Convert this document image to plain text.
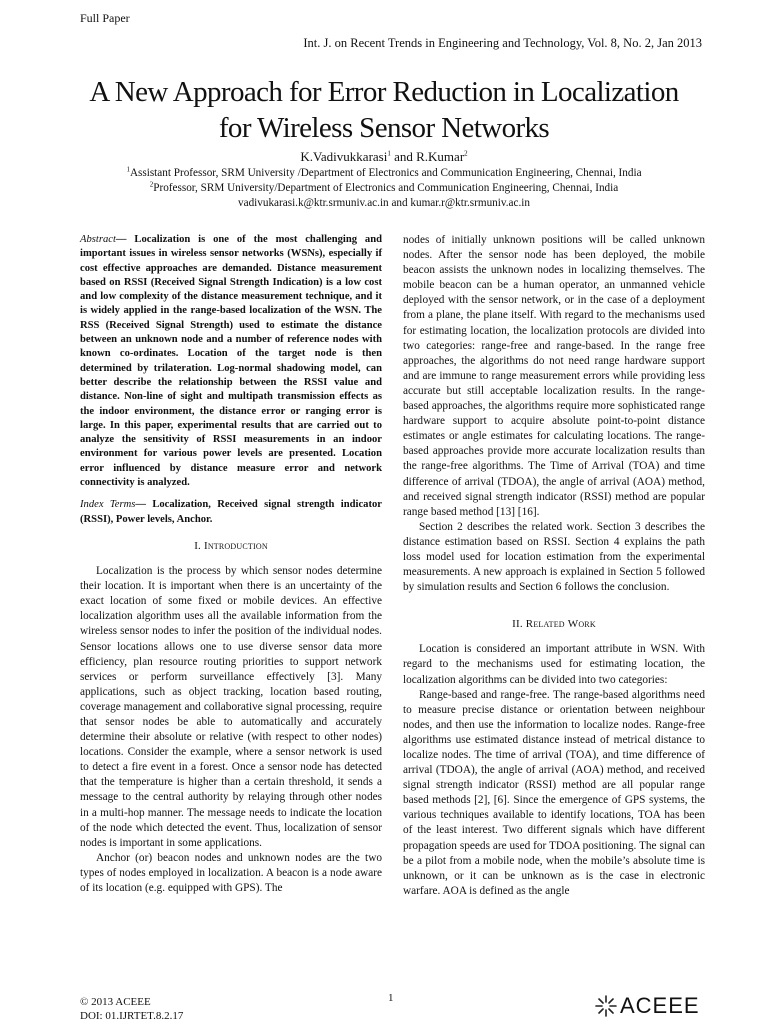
Full Paper
Int. J. on Recent Trends in Engineering and Technology, Vol. 8, No. 2, Jan 2013
A New Approach for Error Reduction in Localization
for Wireless Sensor Networks
K.Vadivukkarasi$^1$ and R.Kumar$^2$
$^1$Assistant Professor, SRM University /Department of Electronics and Communication Engineering, Chennai, India
$^2$Professor, SRM University/Department of Electronics and Communication Engineering, Chennai, India
vadivukarasi.k@ktr.srmuniv.ac.in and kumar.r@ktr.srmuniv.ac.in

Abstract— Localization is one of the most challenging and important issues in wireless sensor networks (WSNs), especially if cost effective approaches are demanded. Distance measurement based on RSSI (Received Signal Strength Indication) is a low cost and low complexity of the distance measurement technique, and it is widely applied in the range-based localization of the WSN. The RSS (Received Signal Strength) used to estimate the distance between an unknown node and a number of reference nodes with known co-ordinates. Location of the target node is then determined by trilateration. Log-normal shadowing model, can better describe the relationship between the RSSI value and distance. Non-line of sight and multipath transmission effects as the indoor environment, the distance error or ranging error is large. In this paper, experimental results that are carried out to analyze the sensitivity of RSSI measurements in an indoor environment for various power levels are presented. Location error influenced by distance measure error and network connectivity is analyzed.

Index Terms— Localization, Received signal strength indicator (RSSI), Power levels, Anchor.

I. Introduction

Localization is the process by which sensor nodes determine their location. It is important when there is an uncertainty of the exact location of some fixed or mobile devices. An effective localization algorithm uses all the available information from the wireless sensor nodes to infer the position of the individual nodes. Sensor locations allows one to use diverse sensor data more efficiency, plan resource routing priorities to support network services or perform surveillance effectively [3]. Many applications, such as object tracking, location based routing, coverage management and collaborative signal processing, require that sensor nodes be able to automatically and accurately determine their absolute or relative (with respect to other nodes) locations. Consider the example, where a sensor network is used to detect a fire event in a forest. Once a sensor node has detected that the temperature is higher than a certain threshold, it sends a message to the central authority by relaying through other nodes in a multi-hop manner. The message needs to indicate the location of the node which detected the event. Thus, localization of sensor nodes is important in some applications.

Anchor (or) beacon nodes and unknown nodes are the two types of nodes employed in localization. A beacon is a node aware of its location (e.g. equipped with GPS). The

nodes of initially unknown positions will be called unknown nodes. After the sensor node has been deployed, the mobile beacon assists the unknown nodes in localizing themselves. The mobile beacon can be a human operator, an unmanned vehicle deployed with the sensor network, or in the case of a deployment from a plane, the plane itself. With regard to the mechanisms used for estimating location, the localization protocols are divided into two categories: range-free and range-based. In the range free approaches, the algorithms do not need range hardware support and are immune to range measurement errors while providing less accurate but still acceptable localization results. In the range-based approaches, the algorithms require more sophisticated range hardware support to acquire absolute point-to-point distance estimates or angle estimates for calculating locations. The range-based approaches provide more accurate localization results than the range-free algorithms. The Time of Arrival (TOA) and time difference of arrival (TDOA), the angle of arrival (AOA) method, and received signal strength indicator (RSSI) method are popular range based method [13] [16].

Section 2 describes the related work. Section 3 describes the distance estimation based on RSSI. Section 4 explains the path loss model used for location estimation from the experimental measurements. A new approach is explained in Section 5 followed by simulation results and Section 6 follows the conclusion.

II. Related Work

Location is considered an important attribute in WSN. With regard to the mechanisms used for estimating location, the localization algorithms can be divided into two categories:

Range-based and range-free. The range-based algorithms need to measure precise distance or orientation between neighbour nodes, and then use the information to localize nodes. Range-free algorithms use estimated distance instead of metrical distance to localize nodes. The time of arrival (TOA), and time difference of arrival (TDOA), the angle of arrival (AOA) method, and received signal strength indicator (RSSI) method are all popular range based methods [2], [6]. Since the emergence of GPS systems, the various techniques available to identify locations, TOA has been of the least interest. Two different signals which have different propagation speeds are used for TDOA positioning. The signal can be a pilot from a mobile node, when the mobile’s absolute time is unknown, or it can be unknown as is the case in electronic warfare. AOA is defined as the angle

© 2013 ACEEE
DOI: 01.IJRTET.8.2.17
1	ACEEE
